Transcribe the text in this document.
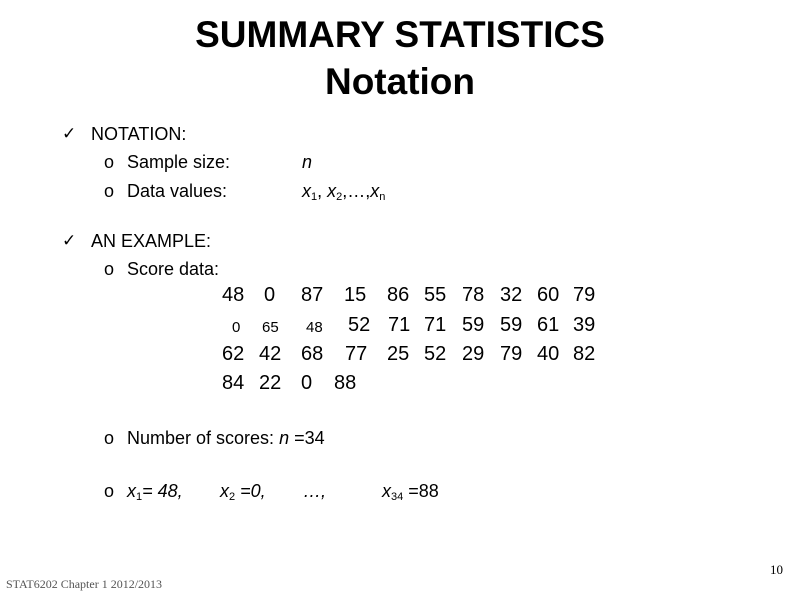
SUMMARY STATISTICS
Notation
✓ NOTATION:
o Sample size:	n
o Data values:	$x_1$, $x_2,\dots,x_n$
✓ AN EXAMPLE:
o Score data:
48 0 87 15 86 55 78 32 60 79
0 65 48 52 71 71 59 59 61 39
62 42 68 77 25 52 29 79 40 82
84 22 0 88
o Number of scores: n =34
o $x_1= 48$, $x_2 =0$, …,	$x_{34} =88$
10
STAT6202 Chapter 1 2012/2013
